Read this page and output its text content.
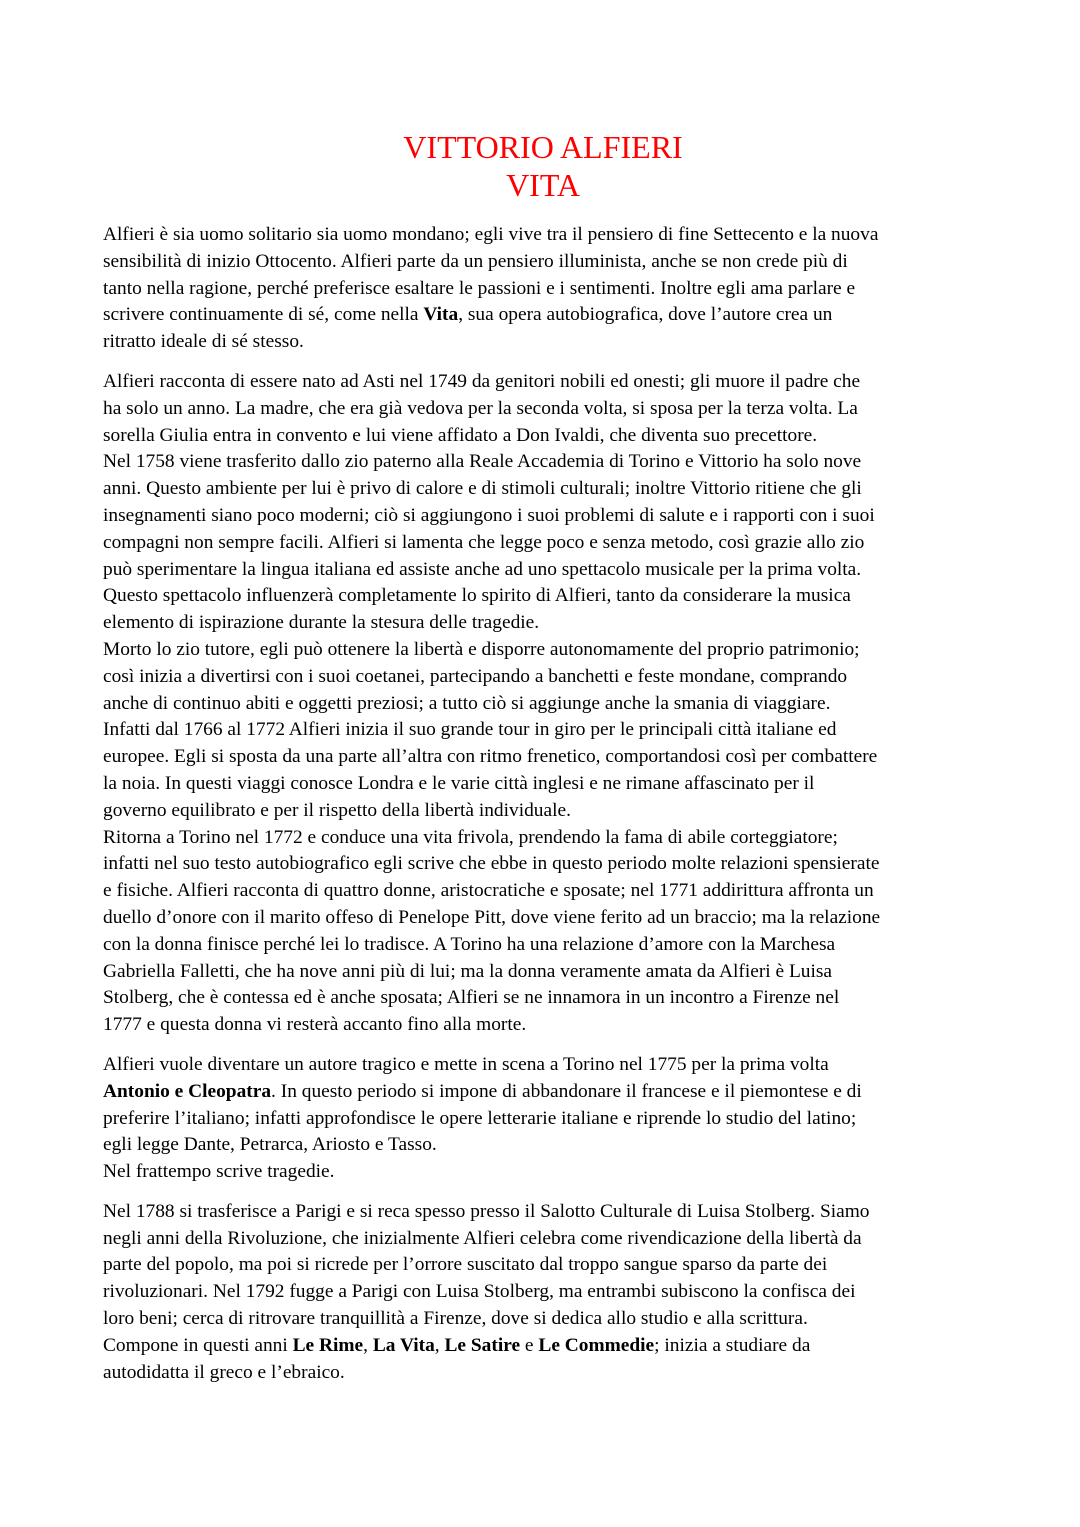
VITTORIO ALFIERI
VITA
Alfieri è sia uomo solitario sia uomo mondano; egli vive tra il pensiero di fine Settecento e la nuova
sensibilità di inizio Ottocento. Alfieri parte da un pensiero illuminista, anche se non crede più di
tanto nella ragione, perché preferisce esaltare le passioni e i sentimenti. Inoltre egli ama parlare e
scrivere continuamente di sé, come nella Vita, sua opera autobiografica, dove l’autore crea un
ritratto ideale di sé stesso.
Alfieri racconta di essere nato ad Asti nel 1749 da genitori nobili ed onesti; gli muore il padre che
ha solo un anno. La madre, che era già vedova per la seconda volta, si sposa per la terza volta. La
sorella Giulia entra in convento e lui viene affidato a Don Ivaldi, che diventa suo precettore.
Nel 1758 viene trasferito dallo zio paterno alla Reale Accademia di Torino e Vittorio ha solo nove
anni. Questo ambiente per lui è privo di calore e di stimoli culturali; inoltre Vittorio ritiene che gli
insegnamenti siano poco moderni; ciò si aggiungono i suoi problemi di salute e i rapporti con i suoi
compagni non sempre facili. Alfieri si lamenta che legge poco e senza metodo, così grazie allo zio
può sperimentare la lingua italiana ed assiste anche ad uno spettacolo musicale per la prima volta.
Questo spettacolo influenzerà completamente lo spirito di Alfieri, tanto da considerare la musica
elemento di ispirazione durante la stesura delle tragedie.
Morto lo zio tutore, egli può ottenere la libertà e disporre autonomamente del proprio patrimonio;
così inizia a divertirsi con i suoi coetanei, partecipando a banchetti e feste mondane, comprando
anche di continuo abiti e oggetti preziosi; a tutto ciò si aggiunge anche la smania di viaggiare.
Infatti dal 1766 al 1772 Alfieri inizia il suo grande tour in giro per le principali città italiane ed
europee. Egli si sposta da una parte all’altra con ritmo frenetico, comportandosi così per combattere
la noia. In questi viaggi conosce Londra e le varie città inglesi e ne rimane affascinato per il
governo equilibrato e per il rispetto della libertà individuale.
Ritorna a Torino nel 1772 e conduce una vita frivola, prendendo la fama di abile corteggiatore;
infatti nel suo testo autobiografico egli scrive che ebbe in questo periodo molte relazioni spensierate
e fisiche. Alfieri racconta di quattro donne, aristocratiche e sposate; nel 1771 addirittura affronta un
duello d’onore con il marito offeso di Penelope Pitt, dove viene ferito ad un braccio; ma la relazione
con la donna finisce perché lei lo tradisce. A Torino ha una relazione d’amore con la Marchesa
Gabriella Falletti, che ha nove anni più di lui; ma la donna veramente amata da Alfieri è Luisa
Stolberg, che è contessa ed è anche sposata; Alfieri se ne innamora in un incontro a Firenze nel
1777 e questa donna vi resterà accanto fino alla morte.
Alfieri vuole diventare un autore tragico e mette in scena a Torino nel 1775 per la prima volta
Antonio e Cleopatra. In questo periodo si impone di abbandonare il francese e il piemontese e di
preferire l’italiano; infatti approfondisce le opere letterarie italiane e riprende lo studio del latino;
egli legge Dante, Petrarca, Ariosto e Tasso.
Nel frattempo scrive tragedie.
Nel 1788 si trasferisce a Parigi e si reca spesso presso il Salotto Culturale di Luisa Stolberg. Siamo
negli anni della Rivoluzione, che inizialmente Alfieri celebra come rivendicazione della libertà da
parte del popolo, ma poi si ricrede per l’orrore suscitato dal troppo sangue sparso da parte dei
rivoluzionari. Nel 1792 fugge a Parigi con Luisa Stolberg, ma entrambi subiscono la confisca dei
loro beni; cerca di ritrovare tranquillità a Firenze, dove si dedica allo studio e alla scrittura.
Compone in questi anni Le Rime, La Vita, Le Satire e Le Commedie; inizia a studiare da
autodidatta il greco e l’ebraico.
